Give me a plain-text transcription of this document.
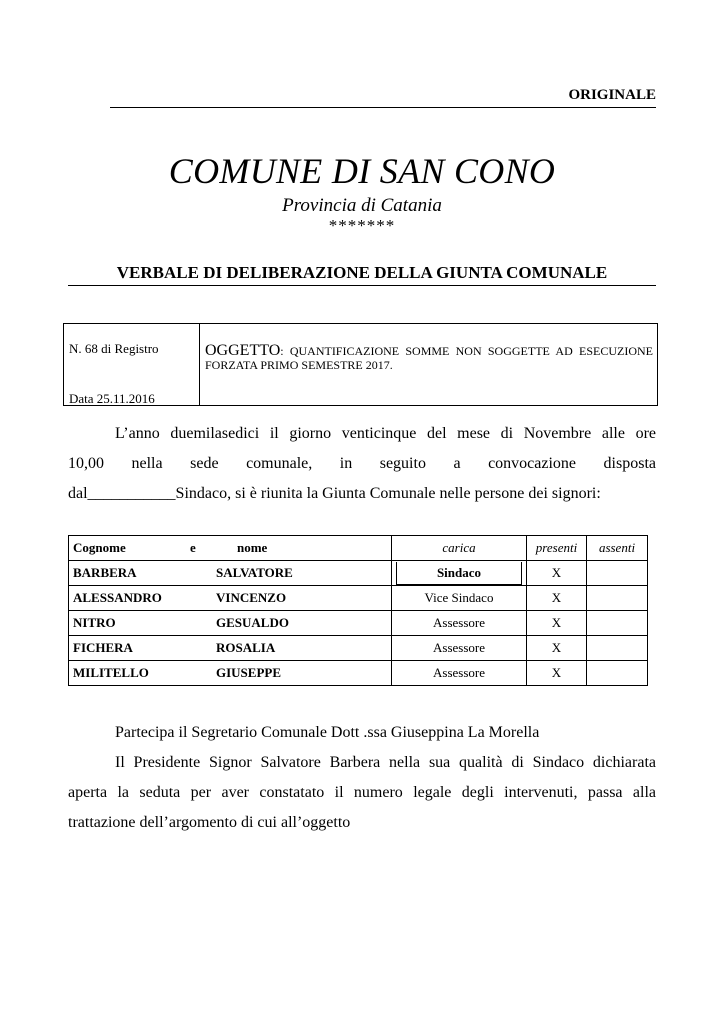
ORIGINALE
COMUNE DI SAN CONO
Provincia di Catania
*******
VERBALE DI DELIBERAZIONE DELLA GIUNTA COMUNALE
N. 68 di Registro
Data 25.11.2016
OGGETTO: QUANTIFICAZIONE SOMME NON SOGGETTE AD ESECUZIONE FORZATA PRIMO SEMESTRE 2017.
L’anno duemilasedici il giorno venticinque del mese di Novembre alle ore
10,00 nella sede comunale, in seguito a convocazione disposta
dal___________Sindaco, si è riunita la Giunta Comunale nelle persone dei signori:
Cognome e nome	carica	presenti	assenti

BARBERA SALVATORE	Sindaco	X	

ALESSANDRO VINCENZO	Vice Sindaco	X	

NITRO GESUALDO	Assessore	X	

FICHERA ROSALIA	Assessore	X	

MILITELLO GIUSEPPE	Assessore	X	
Partecipa il Segretario Comunale Dott .ssa Giuseppina La Morella
Il Presidente Signor Salvatore Barbera nella sua qualità di Sindaco dichiarata
aperta la seduta per aver constatato il numero legale degli intervenuti, passa alla
trattazione dell’argomento di cui all’oggetto
